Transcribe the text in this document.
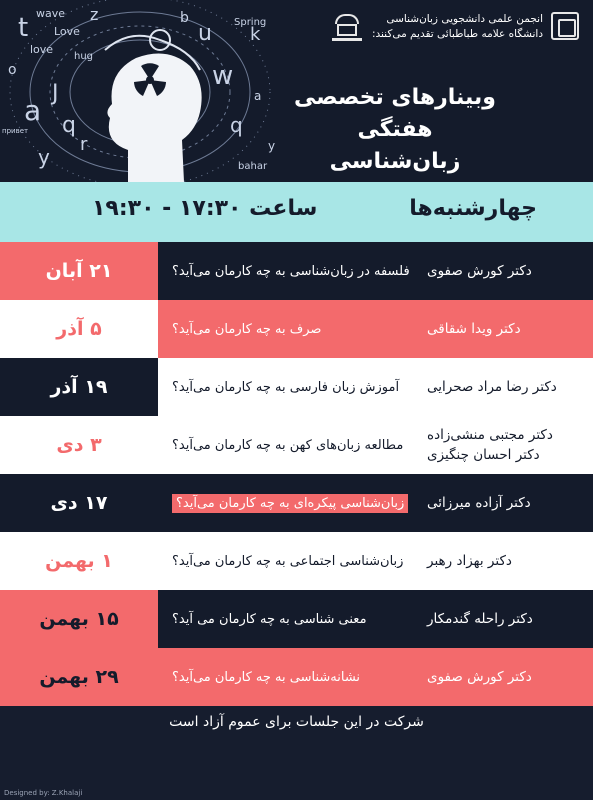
t
J
a q
y
r
w
q
u k
a
z	b
o
y
wave
Love
love
hug
Spring
bahar
привет
انجمن علمی دانشجویی زبان‌شناسی
دانشگاه علامه طباطبائی تقدیم می‌کنند:
وبینارهای تخصصی هفتگی
زبان‌شناسی
چهارشنبه‌ها
ساعت ۱۷:۳۰ - ۱۹:۳۰
۲۱ آبان	فلسفه در زبان‌شناسی به چه کارمان می‌آید؟ دکتر کورش صفوی
۵ آذر	صرف به چه کارمان می‌آید؟	دکتر ویدا شقاقی
۱۹ آذر	آموزش زبان فارسی به چه کارمان می‌آید؟ دکتر رضا مراد صحرایی
۳ دی	مطالعه زبان‌های کهن به چه کارمان می‌آید؟
دکتر مجتبی منشی‌زاده
دکتر احسان چنگیزی
۱۷ دی	زبان‌شناسی پیکره‌ای به چه کارمان می‌آید؟ دکتر آزاده میرزائی
۱ بهمن	زبان‌شناسی اجتماعی به چه کارمان می‌آید؟ دکتر بهزاد رهبر
۱۵ بهمن	معنی شناسی به چه کارمان می آید؟	دکتر راحله گندمکار
۲۹ بهمن	نشانه‌شناسی به چه کارمان می‌آید؟	دکتر کورش صفوی
شرکت در این جلسات برای عموم آزاد است
Designed by: Z.Khalaji
